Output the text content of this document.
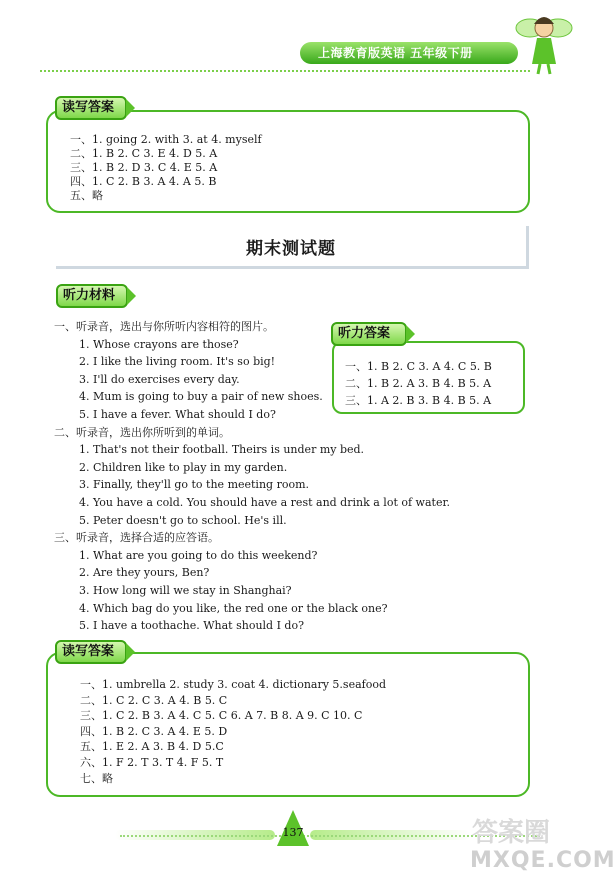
上海教育版英语 五年级下册
读写答案
一、1. going 2. with 3. at 4. myself
二、1. B 2. C 3. E 4. D 5. A
三、1. B 2. D 3. C 4. E 5. A
四、1. C 2. B 3. A 4. A 5. B
五、略
期末测试题
听力材料
一、听录音，选出与你所听内容相符的图片。
1. Whose crayons are those?
2. I like the living room. It's so big!
3. I'll do exercises every day.
4. Mum is going to buy a pair of new shoes.
5. I have a fever. What should I do?
二、听录音，选出你所听到的单词。
1. That's not their football. Theirs is under my bed.
2. Children like to play in my garden.
3. Finally, they'll go to the meeting room.
4. You have a cold. You should have a rest and drink a lot of water.
5. Peter doesn't go to school. He's ill.
三、听录音，选择合适的应答语。
1. What are you going to do this weekend?
2. Are they yours, Ben?
3. How long will we stay in Shanghai?
4. Which bag do you like, the red one or the black one?
5. I have a toothache. What should I do?
听力答案
一、1. B 2. C 3. A 4. C 5. B
二、1. B 2. A 3. B 4. B 5. A
三、1. A 2. B 3. B 4. B 5. A
读写答案
一、1. umbrella 2. study 3. coat 4. dictionary 5.seafood
二、1. C 2. C 3. A 4. B 5. C
三、1. C 2. B 3. A 4. C 5. C 6. A 7. B 8. A 9. C 10. C
四、1. B 2. C 3. A 4. E 5. D
五、1. E 2. A 3. B 4. D 5.C
六、1. F 2. T 3. T 4. F 5. T
七、略
137	答案圈
MXQE.COM
